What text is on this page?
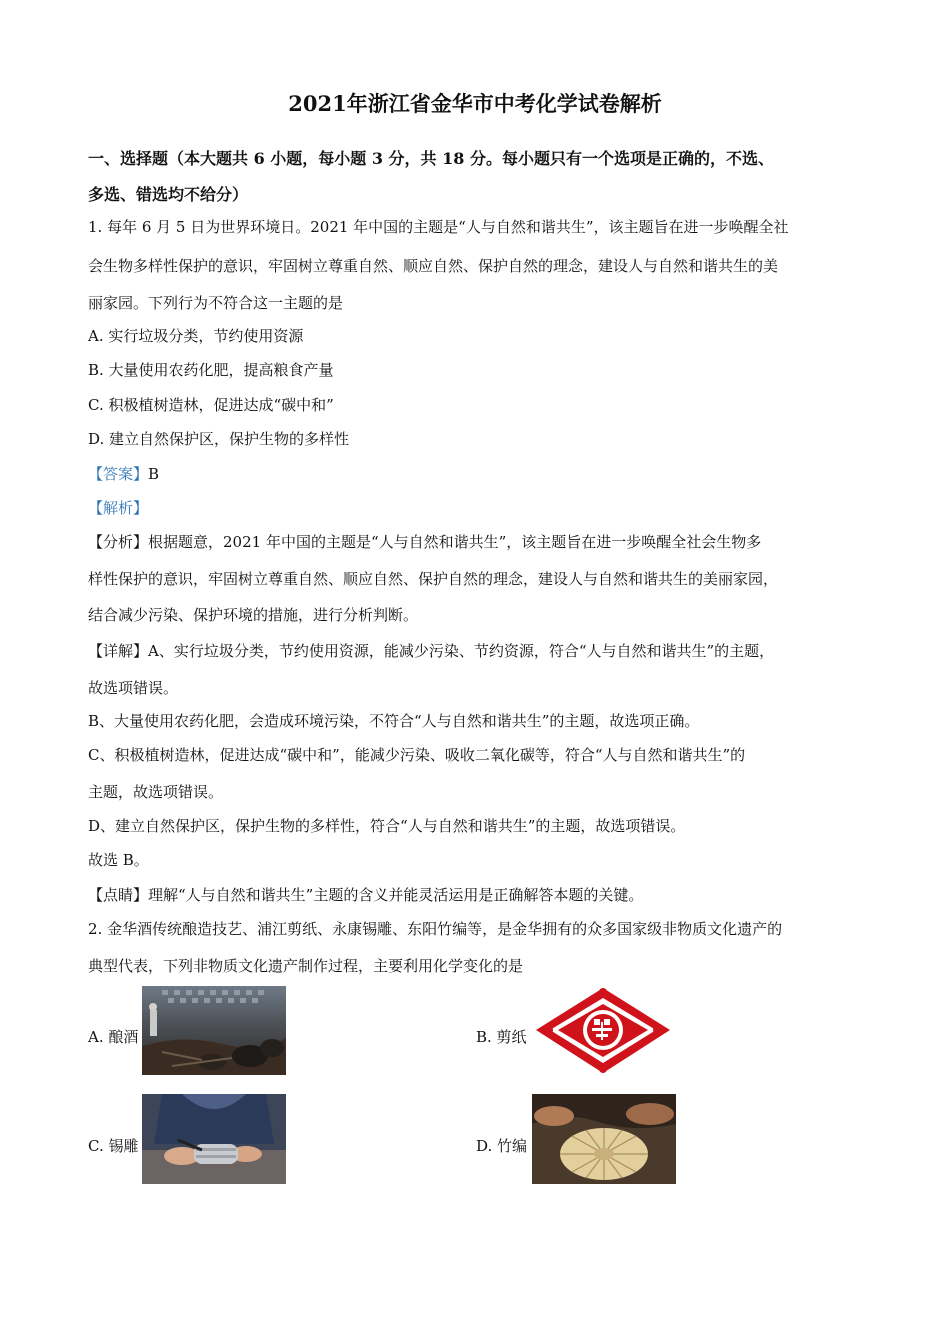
2021年浙江省金华市中考化学试卷解析
一、选择题（本大题共 6 小题，每小题 3 分，共 18 分。每小题只有一个选项是正确的，不选、
多选、错选均不给分）
1. 每年 6 月 5 日为世界环境日。2021 年中国的主题是“人与自然和谐共生”，该主题旨在进一步唤醒全社
会生物多样性保护的意识，牢固树立尊重自然、顺应自然、保护自然的理念，建设人与自然和谐共生的美
丽家园。下列行为不符合这一主题的是
A. 实行垃圾分类，节约使用资源
B. 大量使用农药化肥，提高粮食产量
C. 积极植树造林，促进达成“碳中和”
D. 建立自然保护区，保护生物的多样性
【答案】B
【解析】
【分析】根据题意，2021 年中国的主题是“人与自然和谐共生”，该主题旨在进一步唤醒全社会生物多
样性保护的意识，牢固树立尊重自然、顺应自然、保护自然的理念，建设人与自然和谐共生的美丽家园，
结合减少污染、保护环境的措施，进行分析判断。
【详解】A、实行垃圾分类，节约使用资源，能减少污染、节约资源，符合“人与自然和谐共生”的主题，
故选项错误。
B、大量使用农药化肥，会造成环境污染，不符合“人与自然和谐共生”的主题，故选项正确。
C、积极植树造林，促进达成“碳中和”，能减少污染、吸收二氧化碳等，符合“人与自然和谐共生”的
主题，故选项错误。
D、建立自然保护区，保护生物的多样性，符合“人与自然和谐共生”的主题，故选项错误。
故选 B。
【点睛】理解“人与自然和谐共生”主题的含义并能灵活运用是正确解答本题的关键。
2. 金华酒传统酿造技艺、浦江剪纸、永康锡雕、东阳竹编等，是金华拥有的众多国家级非物质文化遗产的
典型代表，下列非物质文化遗产制作过程，主要利用化学变化的是
A. 酿酒	B. 剪纸
C. 锡雕	D. 竹编
